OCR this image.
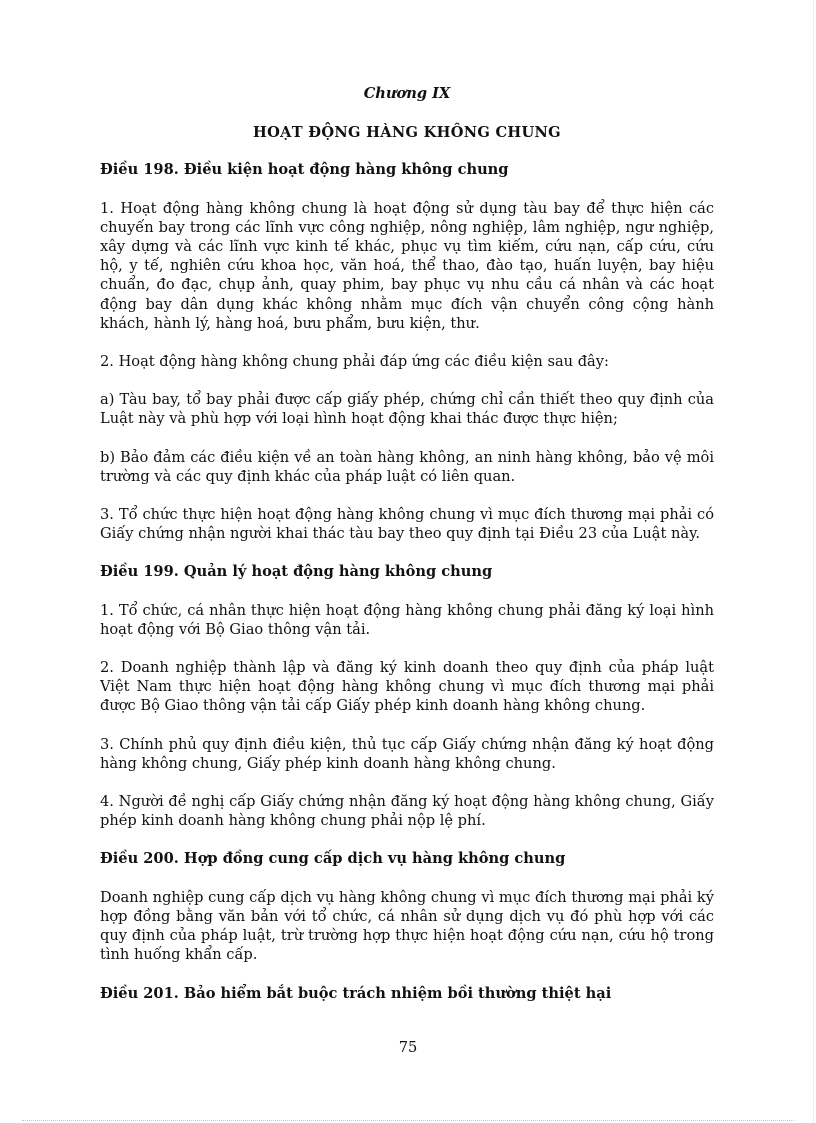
Chương IX
HOẠT ĐỘNG HÀNG KHÔNG CHUNG
Điều 198. Điều kiện hoạt động hàng không chung

1. Hoạt động hàng không chung là hoạt động sử dụng tàu bay để thực hiện các chuyến bay trong các lĩnh vực công nghiệp, nông nghiệp, lâm nghiệp, ngư nghiệp, xây dựng và các lĩnh vực kinh tế khác, phục vụ tìm kiếm, cứu nạn, cấp cứu, cứu hộ, y tế, nghiên cứu khoa học, văn hoá, thể thao, đào tạo, huấn luyện, bay hiệu chuẩn, đo đạc, chụp ảnh, quay phim, bay phục vụ nhu cầu cá nhân và các hoạt động bay dân dụng khác không nhằm mục đích vận chuyển công cộng hành khách, hành lý, hàng hoá, bưu phẩm, bưu kiện, thư.

2. Hoạt động hàng không chung phải đáp ứng các điều kiện sau đây:

a) Tàu bay, tổ bay phải được cấp giấy phép, chứng chỉ cần thiết theo quy định của Luật này và phù hợp với loại hình hoạt động khai thác được thực hiện;

b) Bảo đảm các điều kiện về an toàn hàng không, an ninh hàng không, bảo vệ môi trường và các quy định khác của pháp luật có liên quan.

3. Tổ chức thực hiện hoạt động hàng không chung vì mục đích thương mại phải có Giấy chứng nhận người khai thác tàu bay theo quy định tại Điều 23 của Luật này.

Điều 199. Quản lý hoạt động hàng không chung

1. Tổ chức, cá nhân thực hiện hoạt động hàng không chung phải đăng ký loại hình hoạt động với Bộ Giao thông vận tải.

2. Doanh nghiệp thành lập và đăng ký kinh doanh theo quy định của pháp luật Việt Nam thực hiện hoạt động hàng không chung vì mục đích thương mại phải được Bộ Giao thông vận tải cấp Giấy phép kinh doanh hàng không chung.

3. Chính phủ quy định điều kiện, thủ tục cấp Giấy chứng nhận đăng ký hoạt động hàng không chung, Giấy phép kinh doanh hàng không chung.

4. Người đề nghị cấp Giấy chứng nhận đăng ký hoạt động hàng không chung, Giấy phép kinh doanh hàng không chung phải nộp lệ phí.

Điều 200. Hợp đồng cung cấp dịch vụ hàng không chung

Doanh nghiệp cung cấp dịch vụ hàng không chung vì mục đích thương mại phải ký hợp đồng bằng văn bản với tổ chức, cá nhân sử dụng dịch vụ đó phù hợp với các quy định của pháp luật, trừ trường hợp thực hiện hoạt động cứu nạn, cứu hộ trong tình huống khẩn cấp.

Điều 201. Bảo hiểm bắt buộc trách nhiệm bồi thường thiệt hại
75
